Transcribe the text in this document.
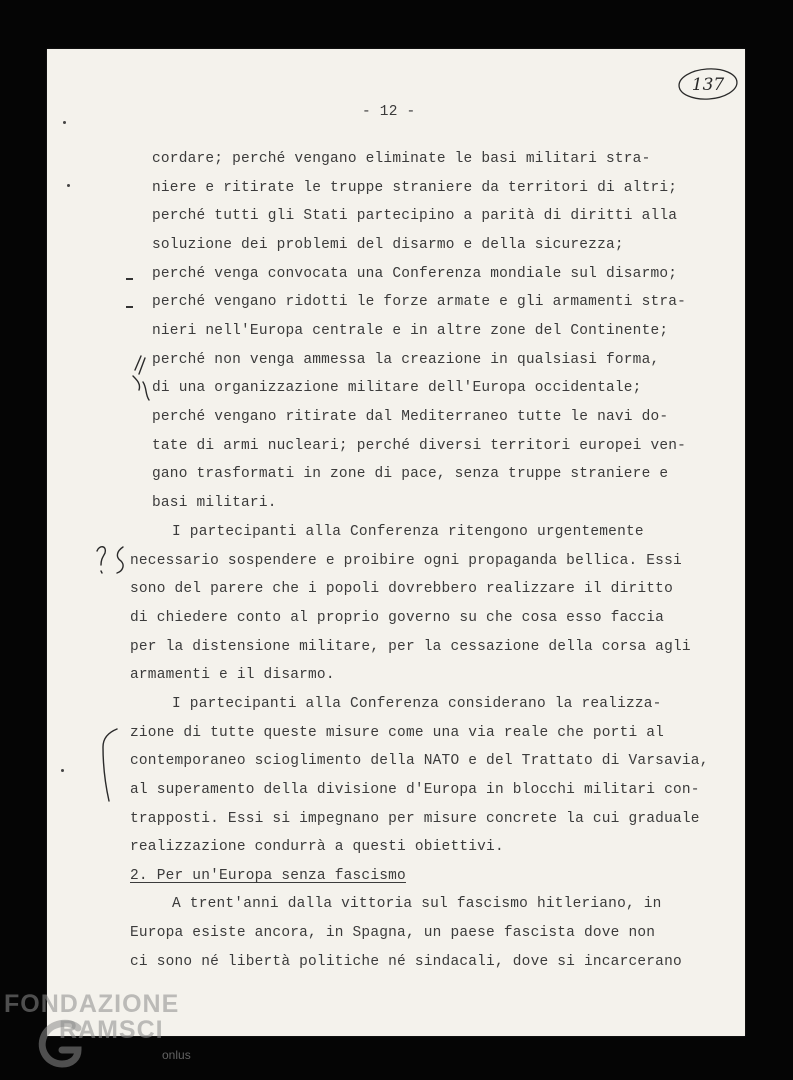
- 12 -
137
cordare; perché vengano eliminate le basi militari stra-
niere e ritirate le truppe straniere da territori di altri;
perché tutti gli Stati partecipino a parità di diritti alla
soluzione dei problemi del disarmo e della sicurezza;
perché venga convocata una Conferenza mondiale sul disarmo;
perché vengano ridotti le forze armate e gli armamenti stra-
nieri nell'Europa centrale e in altre zone del Continente;
perché non venga ammessa la creazione in qualsiasi forma,
di una organizzazione militare dell'Europa occidentale;
perché vengano ritirate dal Mediterraneo tutte le navi do-
tate di armi nucleari; perché diversi territori europei ven-
gano trasformati in zone di pace, senza truppe straniere e
basi militari.
I partecipanti alla Conferenza ritengono urgentemente
necessario sospendere e proibire ogni propaganda bellica. Essi
sono del parere che i popoli dovrebbero realizzare il diritto
di chiedere conto al proprio governo su che cosa esso faccia
per la distensione militare, per la cessazione della corsa agli
armamenti e il disarmo.
I partecipanti alla Conferenza considerano la realizza-
zione di tutte queste misure come una via reale che porti al
contemporaneo scioglimento della NATO e del Trattato di Varsavia,
al superamento della divisione d'Europa in blocchi militari con-
trapposti. Essi si impegnano per misure concrete la cui graduale
realizzazione condurrà a questi obiettivi.
2. Per un'Europa senza fascismo
A trent'anni dalla vittoria sul fascismo hitleriano, in
Europa esiste ancora, in Spagna, un paese fascista dove non
ci sono né libertà politiche né sindacali, dove si incarcerano
FONDAZIONE
RAMSCI
onlus
